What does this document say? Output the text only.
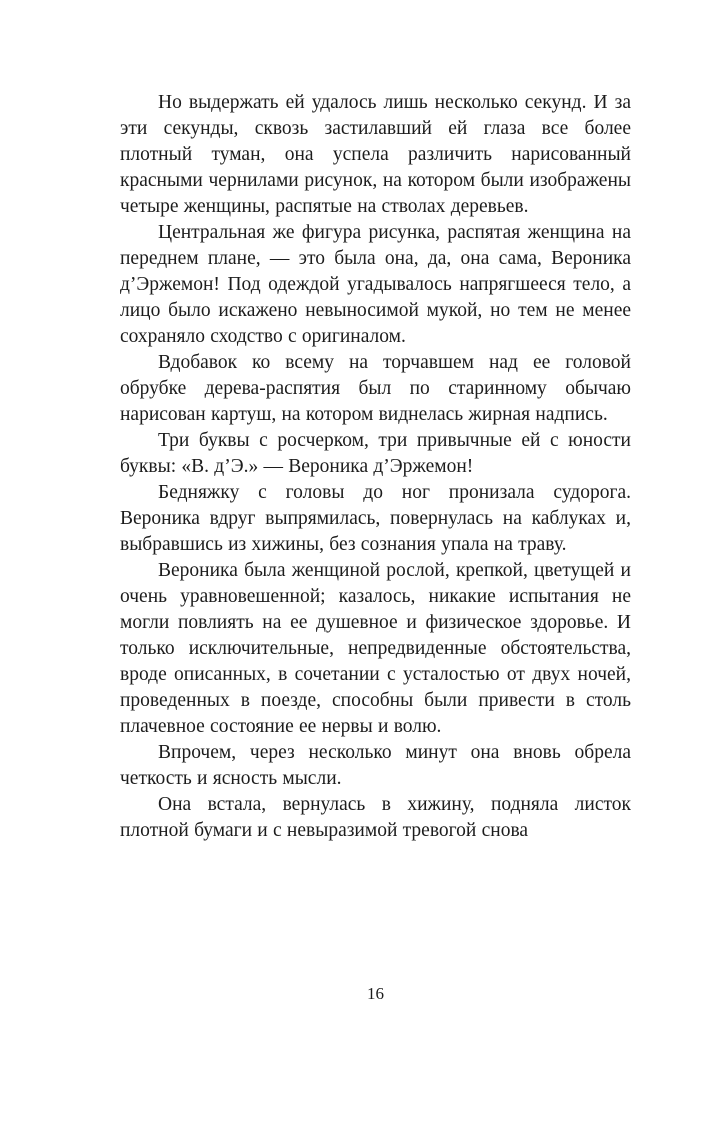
Но выдержать ей удалось лишь несколько секунд. И за эти секунды, сквозь застилавший ей глаза все более плотный туман, она успела различить нарисованный красными чернилами рисунок, на котором были изображены четыре женщины, распятые на стволах деревьев.

Центральная же фигура рисунка, распятая женщина на переднем плане, — это была она, да, она сама, Вероника д’Эржемон! Под одеждой угадывалось напрягшееся тело, а лицо было искажено невыносимой мукой, но тем не менее сохраняло сходство с оригиналом.

Вдобавок ко всему на торчавшем над ее головой обрубке дерева-распятия был по старинному обычаю нарисован картуш, на котором виднелась жирная надпись.

Три буквы с росчерком, три привычные ей с юности буквы: «В. д’Э.» — Вероника д’Эржемон!

Бедняжку с головы до ног пронизала судорога. Вероника вдруг выпрямилась, повернулась на каблуках и, выбравшись из хижины, без сознания упала на траву.

Вероника была женщиной рослой, крепкой, цветущей и очень уравновешенной; казалось, никакие испытания не могли повлиять на ее душевное и физическое здоровье. И только исключительные, непредвиденные обстоятельства, вроде описанных, в сочетании с усталостью от двух ночей, проведенных в поезде, способны были привести в столь плачевное состояние ее нервы и волю.

Впрочем, через несколько минут она вновь обрела четкость и ясность мысли.

Она встала, вернулась в хижину, подняла листок плотной бумаги и с невыразимой тревогой снова

16
